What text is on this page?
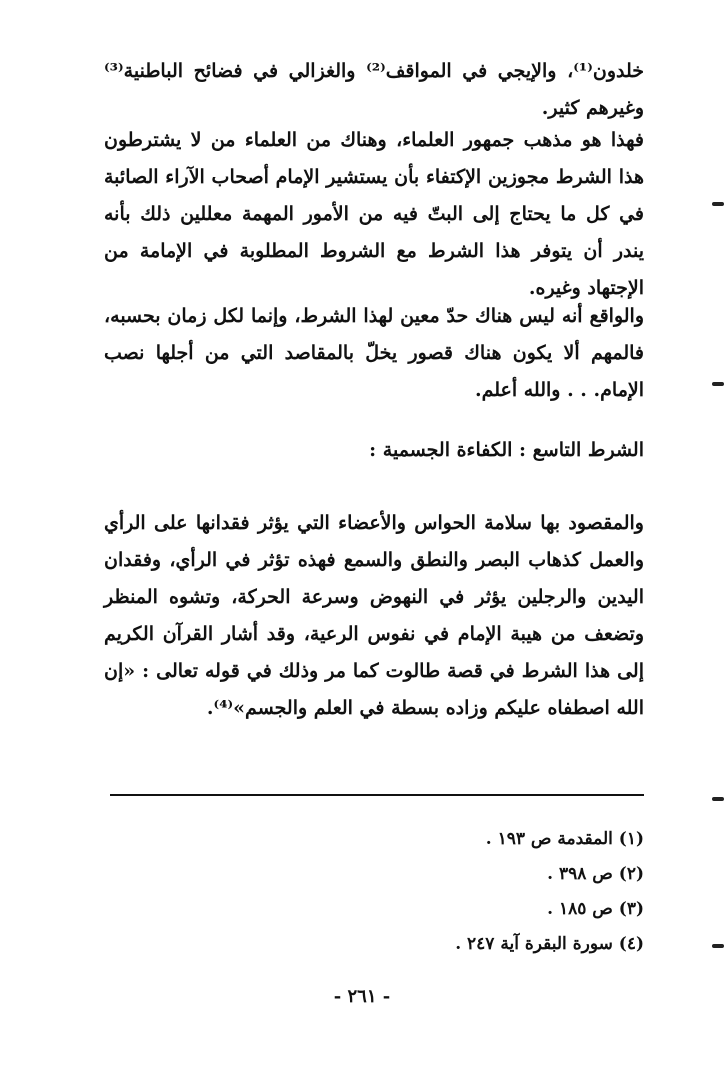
خلدون⁽¹⁾، والإيجي في المواقف⁽²⁾ والغزالي في فضائح الباطنية⁽³⁾ وغيرهم كثير.

فهذا هو مذهب جمهور العلماء، وهناك من العلماء من لا يشترطون هذا الشرط مجوزين الإكتفاء بأن يستشير الإمام أصحاب الآراء الصائبة في كل ما يحتاج إلى البتّ فيه من الأمور المهمة معللين ذلك بأنه يندر أن يتوفر هذا الشرط مع الشروط المطلوبة في الإمامة من الإجتهاد وغيره.

والواقع أنه ليس هناك حدّ معين لهذا الشرط، وإنما لكل زمان بحسبه، فالمهم ألا يكون هناك قصور يخلّ بالمقاصد التي من أجلها نصب الإمام. . . والله أعلم.

الشرط التاسع : الكفاءة الجسمية :

والمقصود بها سلامة الحواس والأعضاء التي يؤثر فقدانها على الرأي والعمل كذهاب البصر والنطق والسمع فهذه تؤثر في الرأي، وفقدان اليدين والرجلين يؤثر في النهوض وسرعة الحركة، وتشوه المنظر وتضعف من هيبة الإمام في نفوس الرعية، وقد أشار القرآن الكريم إلى هذا الشرط في قصة طالوت كما مر وذلك في قوله تعالى : «إن الله اصطفاه عليكم وزاده بسطة في العلم والجسم»⁽⁴⁾.

(١) المقدمة ص ١٩٣ .
(٢) ص ٣٩٨ .
(٣) ص ١٨٥ .
(٤) سورة البقرة آية ٢٤٧ .
- ٢٦١ -
